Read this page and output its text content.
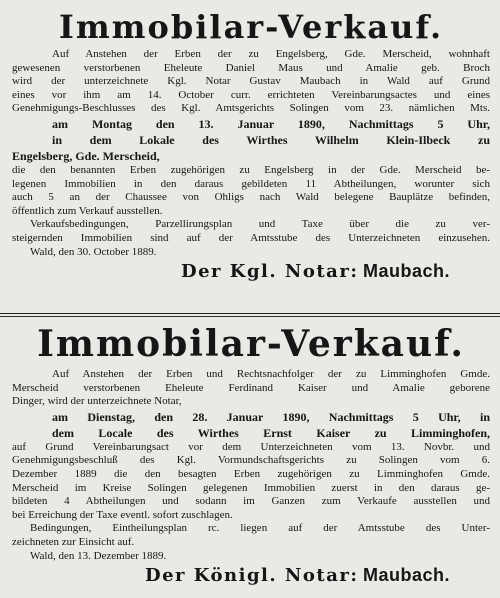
Immobilar-Verkauf.
Auf Anstehen der Erben der zu Engelsberg, Gde. Merscheid, wohnhaft
gewesenen verstorbenen Eheleute Daniel Maus und Amalie geb. Broch
wird der unterzeichnete Kgl. Notar Gustav Maubach in Wald auf Grund
eines vor ihm am 14. October curr. errichteten Vereinbarungsactes und eines
Genehmigungs-Beschlusses des Kgl. Amtsgerichts Solingen vom 23. nämlichen Mts.
am Montag den 13. Januar 1890, Nachmittags 5 Uhr,
in dem Lokale des Wirthes Wilhelm Klein-Ilbeck zu
Engelsberg, Gde. Merscheid,
die den benannten Erben zugehörigen zu Engelsberg in der Gde. Merscheid be-
legenen Immobilien in den daraus gebildeten 11 Abtheilungen, worunter sich
auch 5 an der Chaussee von Ohligs nach Wald belegene Bauplätze befinden,
öffentlich zum Verkauf ausstellen.
Verkaufsbedingungen, Parzellirungsplan und Taxe über die zu ver-
steigernden Immobilien sind auf der Amtsstube des Unterzeichneten einzusehen.
Wald, den 30. October 1889.
Der Kgl. Notar: Maubach.
Immobilar-Verkauf.
Auf Anstehen der Erben und Rechtsnachfolger der zu Limminghofen Gmde.
Merscheid verstorbenen Eheleute Ferdinand Kaiser und Amalie geborene
Dinger, wird der unterzeichnete Notar,
am Dienstag, den 28. Januar 1890, Nachmittags 5 Uhr, in
dem Locale des Wirthes Ernst Kaiser zu Limminghofen,
auf Grund Vereinbarungsact vor dem Unterzeichneten vom 13. Novbr. und
Genehmigungsbeschluß des Kgl. Vormundschaftsgerichts zu Solingen vom 6.
Dezember 1889 die den besagten Erben zugehörigen zu Limminghofen Gmde.
Merscheid im Kreise Solingen gelegenen Immobilien zuerst in den daraus ge-
bildeten 4 Abtheilungen und sodann im Ganzen zum Verkaufe ausstellen und
bei Erreichung der Taxe eventl. sofort zuschlagen.
Bedingungen, Eintheilungsplan rc. liegen auf der Amtsstube des Unter-
zeichneten zur Einsicht auf.
Wald, den 13. Dezember 1889.
Der Königl. Notar: Maubach.
